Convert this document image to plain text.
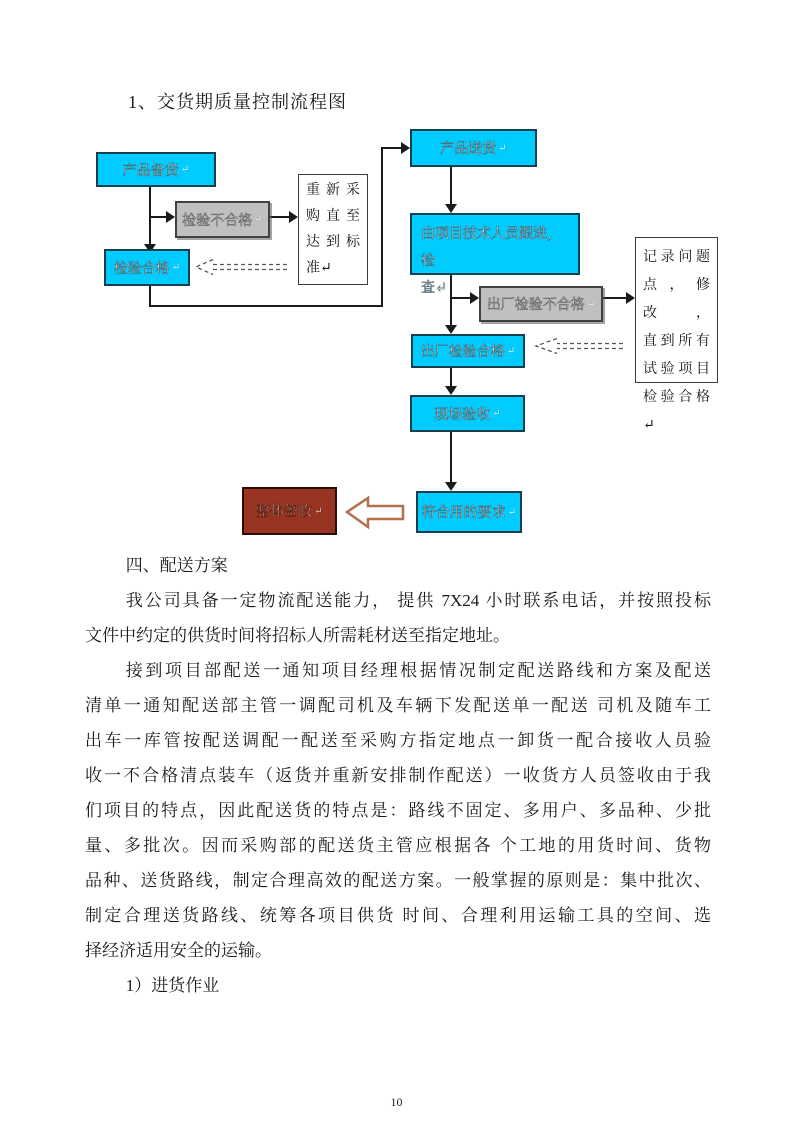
1、交货期质量控制流程图
产品备货 ↵
检验不合格 ↵
重新采
购直至
达到标
准↵
检验合格 ↵
产品送货 ↵
由项目技术人员跟进，检
查↵
出厂检验不合格 ↵
记录问题
点，修改，
直到所有
试验项目
检验合格↵
出厂检验合格 ↵
现场验收 ↵
符合用的要求 ↵
整体签收 ↵
四、配送方案
我公司具备一定物流配送能力， 提供 7X24 小时联系电话，并按照投标
文件中约定的供货时间将招标人所需耗材送至指定地址。
接到项目部配送一通知项目经理根据情况制定配送路线和方案及配送
清单一通知配送部主管一调配司机及车辆下发配送单一配送 司机及随车工
出车一库管按配送调配一配送至采购方指定地点一卸货一配合接收人员验
收一不合格清点装车（返货并重新安排制作配送）一收货方人员签收由于我
们项目的特点，因此配送货的特点是：路线不固定、多用户、多品种、少批
量、多批次。因而采购部的配送货主管应根据各 个工地的用货时间、货物
品种、送货路线，制定合理高效的配送方案。一般掌握的原则是：集中批次、
制定合理送货路线、统筹各项目供货 时间、合理利用运输工具的空间、选
择经济适用安全的运输。
1）进货作业
10
